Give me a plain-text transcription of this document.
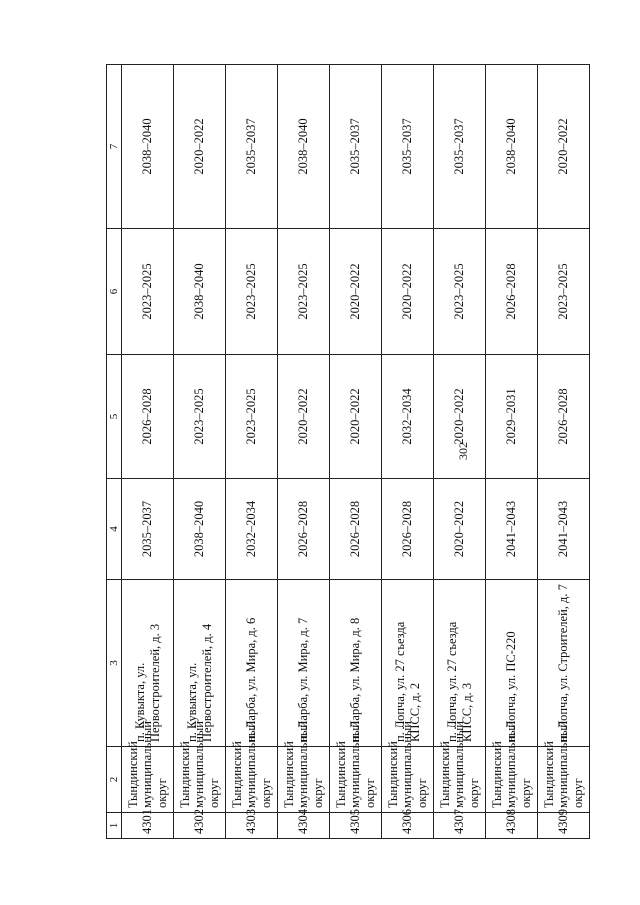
302
1	2	3	4	5	6	7
4301	Тындинский муниципальный округ	п. Кувыкта, ул. Первостроителей, д. 3	2035–2037	2026–2028	2023–2025	2038–2040
4302	Тындинский муниципальный округ	п. Кувыкта, ул. Первостроителей, д. 4	2038–2040	2023–2025	2038–2040	2020–2022
4303	Тындинский муниципальный округ	п. Ларба, ул. Мира, д. 6	2032–2034	2023–2025	2023–2025	2035–2037
4304	Тындинский муниципальный округ	п. Ларба, ул. Мира, д. 7	2026–2028	2020–2022	2023–2025	2038–2040
4305	Тындинский муниципальный округ	п. Ларба, ул. Мира, д. 8	2026–2028	2020–2022	2020–2022	2035–2037
4306	Тындинский муниципальный округ	п. Лопча, ул. 27 съезда КПСС, д. 2	2026–2028	2032–2034	2020–2022	2035–2037
4307	Тындинский муниципальный округ	п. Лопча, ул. 27 съезда КПСС, д. 3	2020–2022	2020–2022	2023–2025	2035–2037
4308	Тындинский муниципальный округ	п. Лопча, ул. ПС-220	2041–2043	2029–2031	2026–2028	2038–2040
4309	Тындинский муниципальный округ	п. Лопча, ул. Строителей, д. 7	2041–2043	2026–2028	2023–2025	2020–2022
